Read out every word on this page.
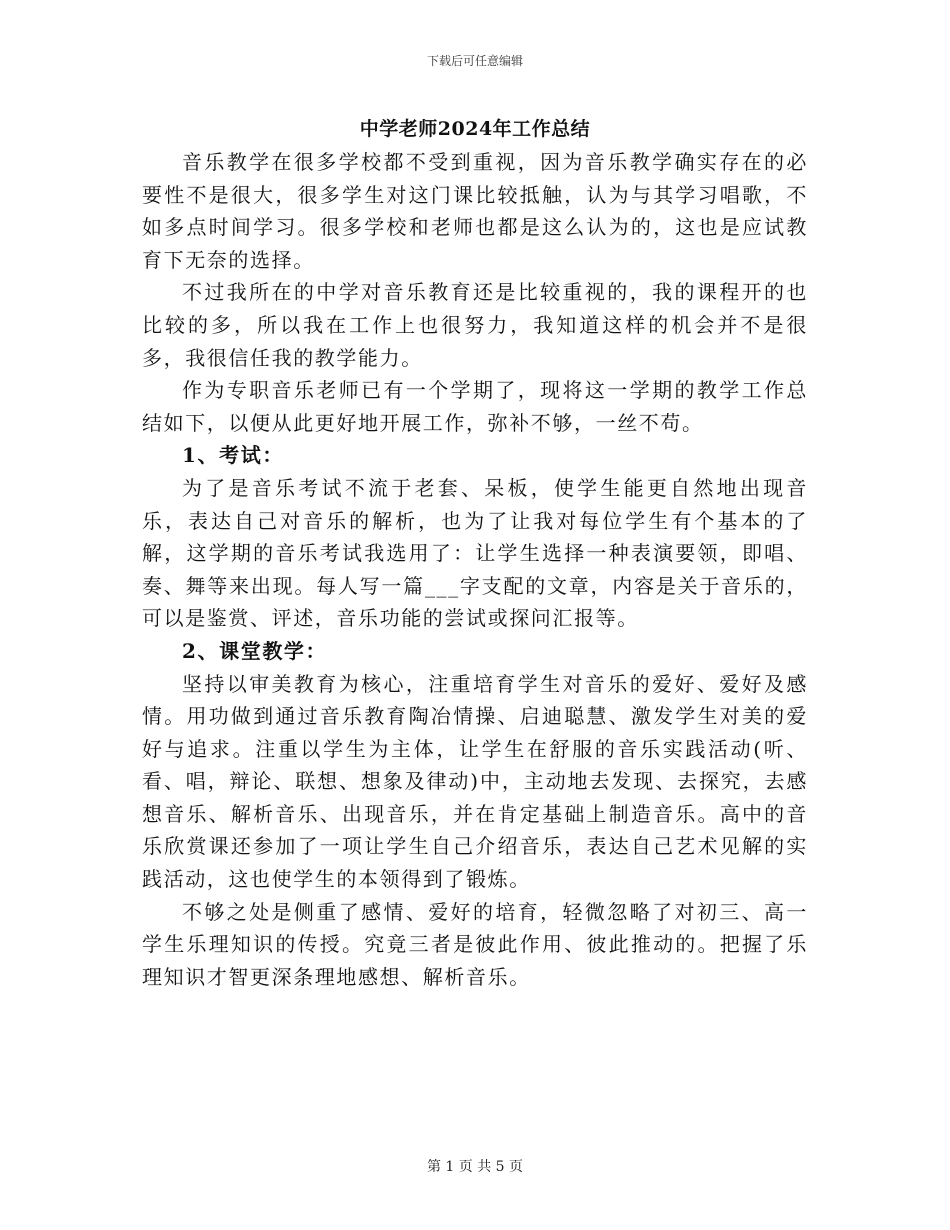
下载后可任意编辑
中学老师2024年工作总结

音乐教学在很多学校都不受到重视，因为音乐教学确实存在的必要性不是很大，很多学生对这门课比较抵触，认为与其学习唱歌，不如多点时间学习。很多学校和老师也都是这么认为的，这也是应试教育下无奈的选择。

不过我所在的中学对音乐教育还是比较重视的，我的课程开的也比较的多，所以我在工作上也很努力，我知道这样的机会并不是很多，我很信任我的教学能力。

作为专职音乐老师已有一个学期了，现将这一学期的教学工作总结如下，以便从此更好地开展工作，弥补不够，一丝不苟。

1、考试：

为了是音乐考试不流于老套、呆板，使学生能更自然地出现音乐，表达自己对音乐的解析，也为了让我对每位学生有个基本的了解，这学期的音乐考试我选用了：让学生选择一种表演要领，即唱、奏、舞等来出现。每人写一篇___字支配的文章，内容是关于音乐的，可以是鉴赏、评述，音乐功能的尝试或探问汇报等。

2、课堂教学：

坚持以审美教育为核心，注重培育学生对音乐的爱好、爱好及感情。用功做到通过音乐教育陶冶情操、启迪聪慧、激发学生对美的爱好与追求。注重以学生为主体，让学生在舒服的音乐实践活动(听、看、唱，辩论、联想、想象及律动)中，主动地去发现、去探究，去感想音乐、解析音乐、出现音乐，并在肯定基础上制造音乐。高中的音乐欣赏课还参加了一项让学生自己介绍音乐，表达自己艺术见解的实践活动，这也使学生的本领得到了锻炼。

不够之处是侧重了感情、爱好的培育，轻微忽略了对初三、高一学生乐理知识的传授。究竟三者是彼此作用、彼此推动的。把握了乐理知识才智更深条理地感想、解析音乐。

第 1 页 共 5 页
